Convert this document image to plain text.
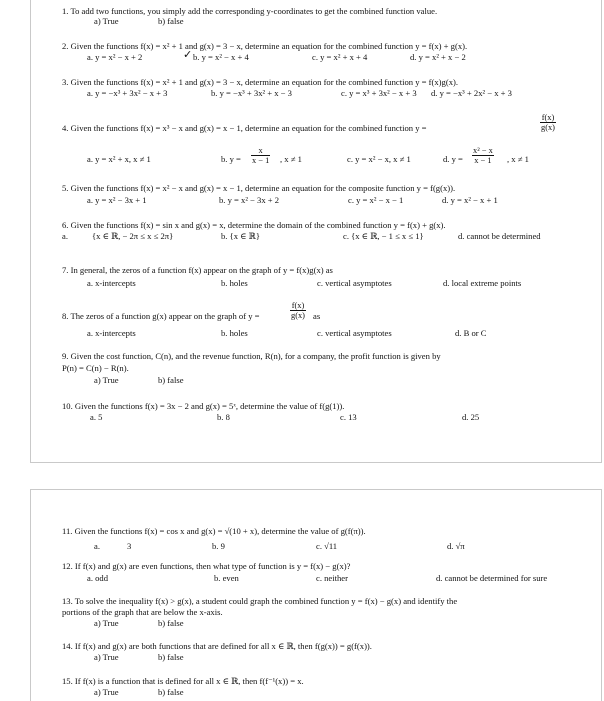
1. To add two functions, you simply add the corresponding y-coordinates to get the combined function value.
a) True	b) false
2. Given the functions f(x) = x² + 1 and g(x) = 3 − x, determine an equation for the combined function y = f(x) + g(x).
a. y = x² − x + 2	✓ b. y = x² − x + 4	c. y = x² + x + 4	d. y = x² + x − 2
3. Given the functions f(x) = x² + 1 and g(x) = 3 − x, determine an equation for the combined function y = f(x)g(x).
a. y = −x³ + 3x² − x + 3	b. y = −x³ + 3x² + x − 3	c. y = x³ + 3x² − x + 3 d. y = −x³ + 2x² − x + 3
4. Given the functions f(x) = x³ − x and g(x) = x − 1, determine an equation for the combined function y =	$\frac{f(x)}{g(x)}$
a. y = x² + x, x ≠ 1	b. $y = \frac{x}{x - 1}$ , x ≠ 1	c. y = x² − x, x ≠ 1	d. $y = \frac{\text{x² − x}}{x - 1}$ , x ≠ 1
5. Given the functions f(x) = x² − x and g(x) = x − 1, determine an equation for the composite function y = f(g(x)).
a. y = x² − 3x + 1	b. y = x² − 3x + 2	c. y = x² − x − 1	d. y = x² − x + 1
6. Given the functions f(x) = sin x and g(x) = x, determine the domain of the combined function y = f(x) + g(x).
a.	{x ∈ ℝ, − 2π ≤ x ≤ 2π}	b. {x ∈ ℝ}	c. {x ∈ ℝ, − 1 ≤ x ≤ 1}	d. cannot be determined
7. In general, the zeros of a function f(x) appear on the graph of y = f(x)g(x) as
a. x-intercepts	b. holes	c. vertical asymptotes	d. local extreme points
8. The zeros of a function g(x) appear on the graph of y =	$\frac{f(x)}{g(x)}$ as
a. x-intercepts	b. holes	c. vertical asymptotes	d. B or C
9. Given the cost function, C(n), and the revenue function, R(n), for a company, the profit function is given by
P(n) = C(n) − R(n).
a) True	b) false
10. Given the functions f(x) = 3x − 2 and g(x) = 5ˣ, determine the value of f(g(1)).
a. 5	b. 8	c. 13	d. 25
11. Given the functions f(x) = cos x and g(x) = √(10 + x), determine the value of g(f(π)).
a.	3	b. 9	c. √11	d. √π
12. If f(x) and g(x) are even functions, then what type of function is y = f(x) − g(x)?
a. odd	b. even	c. neither	d. cannot be determined for sure
13. To solve the inequality f(x) > g(x), a student could graph the combined function y = f(x) − g(x) and identify the
portions of the graph that are below the x-axis.
a) True	b) false
14. If f(x) and g(x) are both functions that are defined for all x ∈ ℝ, then f(g(x)) = g(f(x)).
a) True	b) false
15. If f(x) is a function that is defined for all x ∈ ℝ, then f(f⁻¹(x)) = x.
a) True	b) false
